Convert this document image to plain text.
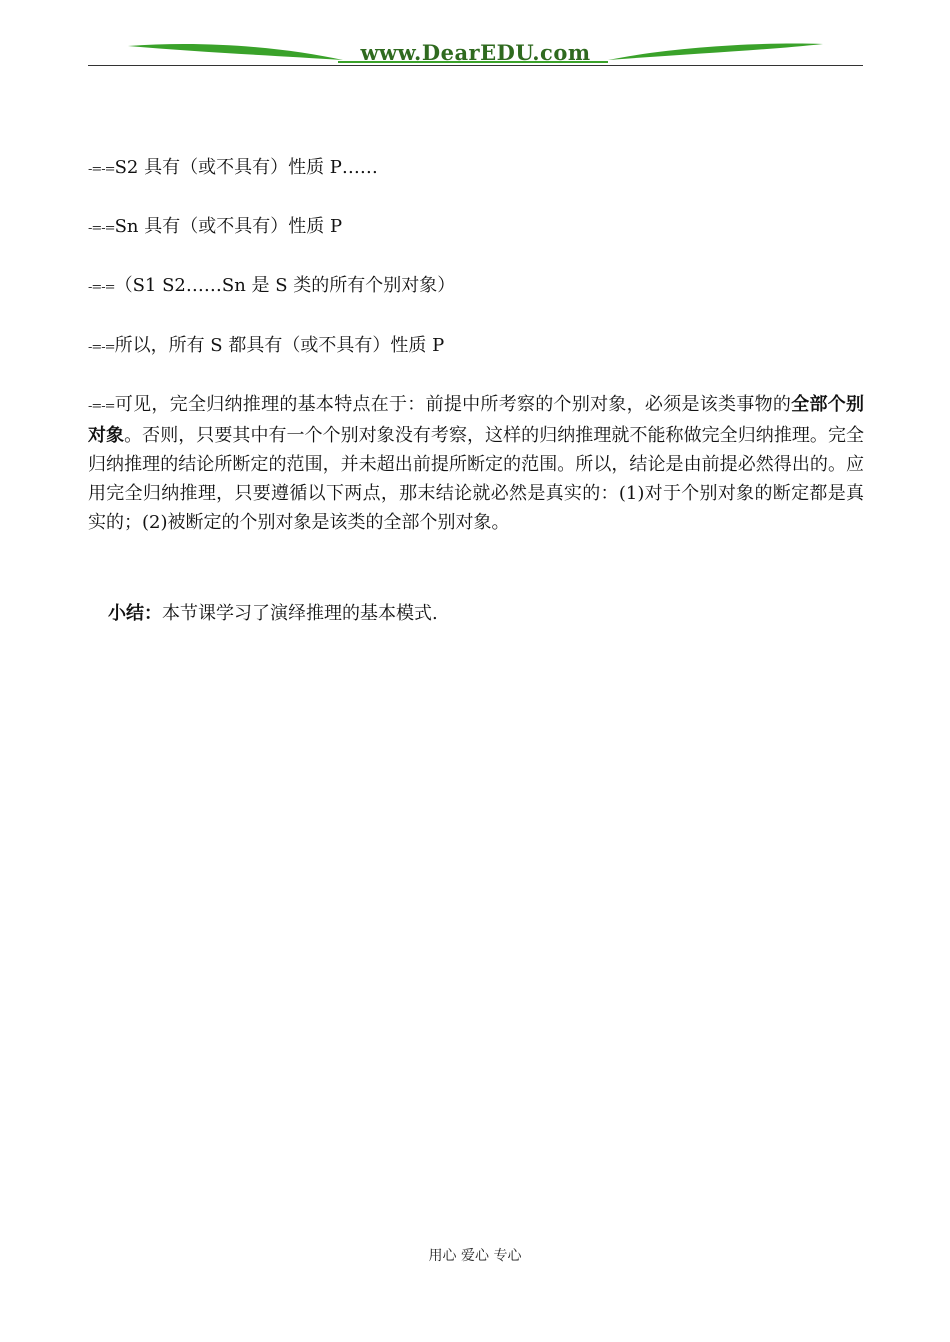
www.DearEDU.com
-=-=S2 具有（或不具有）性质 P……
-=-=Sn 具有（或不具有）性质 P
-=-=（S1 S2……Sn 是 S 类的所有个别对象）
-=-=所以，所有 S 都具有（或不具有）性质 P
-=-=可见，完全归纳推理的基本特点在于：前提中所考察的个别对象，必须是该类事物的全部个别对象。否则，只要其中有一个个别对象没有考察，这样的归纳推理就不能称做完全归纳推理。完全归纳推理的结论所断定的范围，并未超出前提所断定的范围。所以，结论是由前提必然得出的。应用完全归纳推理，只要遵循以下两点，那末结论就必然是真实的：(1)对于个别对象的断定都是真实的；(2)被断定的个别对象是该类的全部个别对象。
小结：本节课学习了演绎推理的基本模式.
用心 爱心 专心
